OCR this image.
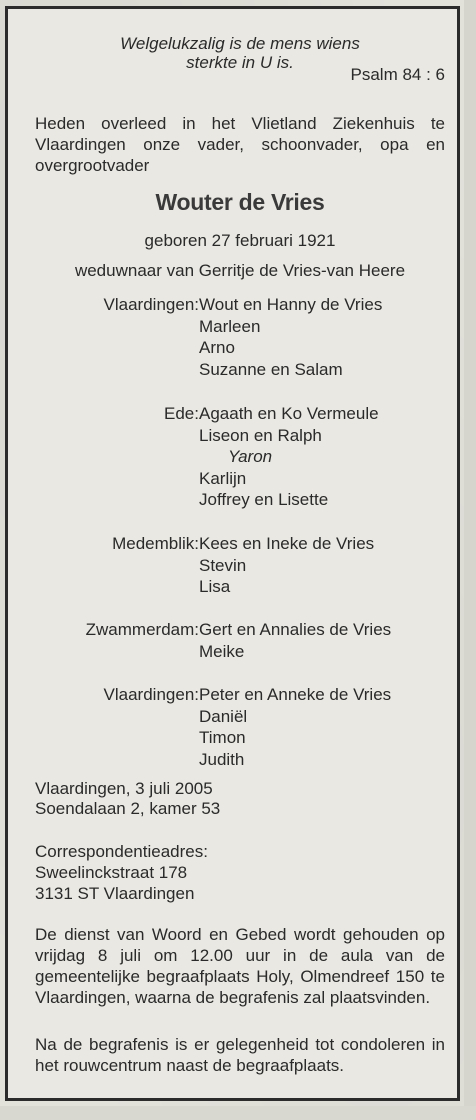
Welgelukzalig is de mens wiens
sterkte in U is.
Psalm 84 : 6
Heden overleed in het Vlietland Ziekenhuis te Vlaardingen onze vader, schoonvader, opa en overgrootvader
Wouter de Vries
geboren 27 februari 1921
weduwnaar van Gerritje de Vries-van Heere
Vlaardingen: Wout en Hanny de Vries
Marleen
Arno
Suzanne en Salam
Ede: Agaath en Ko Vermeule
Liseon en Ralph
Yaron
Karlijn
Joffrey en Lisette
Medemblik: Kees en Ineke de Vries
Stevin
Lisa
Zwammerdam: Gert en Annalies de Vries
Meike
Vlaardingen: Peter en Anneke de Vries
Daniël
Timon
Judith
Vlaardingen, 3 juli 2005
Soendalaan 2, kamer 53
Correspondentieadres:
Sweelinckstraat 178
3131 ST Vlaardingen
De dienst van Woord en Gebed wordt gehouden op vrijdag 8 juli om 12.00 uur in de aula van de gemeentelijke begraafplaats Holy, Olmendreef 150 te Vlaardingen, waarna de begrafenis zal plaatsvinden.
Na de begrafenis is er gelegenheid tot condoleren in het rouwcentrum naast de begraafplaats.
